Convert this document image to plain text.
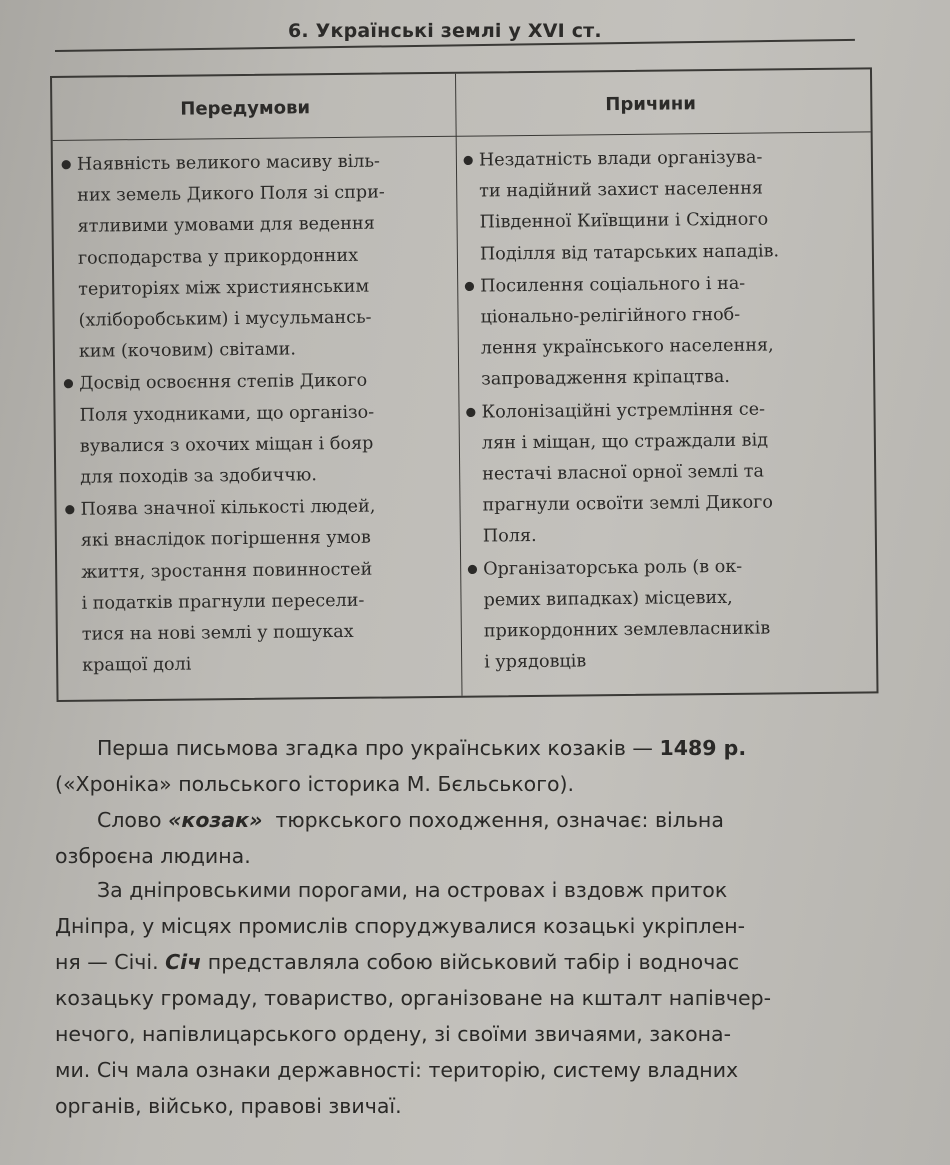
6. Українські землі у XVI ст.
Передумови	Причини
● Наявність великого масиву віль-
них земель Дикого Поля зі спри-
ятливими умовами для ведення
господарства у прикордонних
територіях між християнським
(хліборобським) і мусульмансь-
ким (кочовим) світами.
● Досвід освоєння степів Дикого
Поля уходниками, що організо-
вувалися з охочих міщан і бояр
для походів за здобиччю.
● Поява значної кількості людей,
які внаслідок погіршення умов
життя, зростання повинностей
і податків прагнули пересели-
тися на нові землі у пошуках
кращої долі
● Нездатність влади організува-
ти надійний захист населення
Південної Київщини і Східного
Поділля від татарських нападів.
● Посилення соціального і на-
ціонально-релігійного гноб-
лення українського населення,
запровадження кріпацтва.
● Колонізаційні устремління се-
лян і міщан, що страждали від
нестачі власної орної землі та
прагнули освоїти землі Дикого
Поля.
● Організаторська роль (в ок-
ремих випадках) місцевих,
прикордонних землевласників
і урядовців
Перша письмова згадка про українських козаків — 1489 р.
(«Хроніка» польського історика М. Бєльського).
Слово «козак»  тюркського походження, означає: вільна
озброєна людина.
За дніпровськими порогами, на островах і вздовж приток
Дніпра, у місцях промислів споруджувалися козацькі укріплен-
ня — Січі. Січ представляла собою військовий табір і водночас
козацьку громаду, товариство, організоване на кшталт напівчер-
нечого, напівлицарського ордену, зі своїми звичаями, закона-
ми. Січ мала ознаки державності: територію, систему владних
органів, військо, правові звичаї.
